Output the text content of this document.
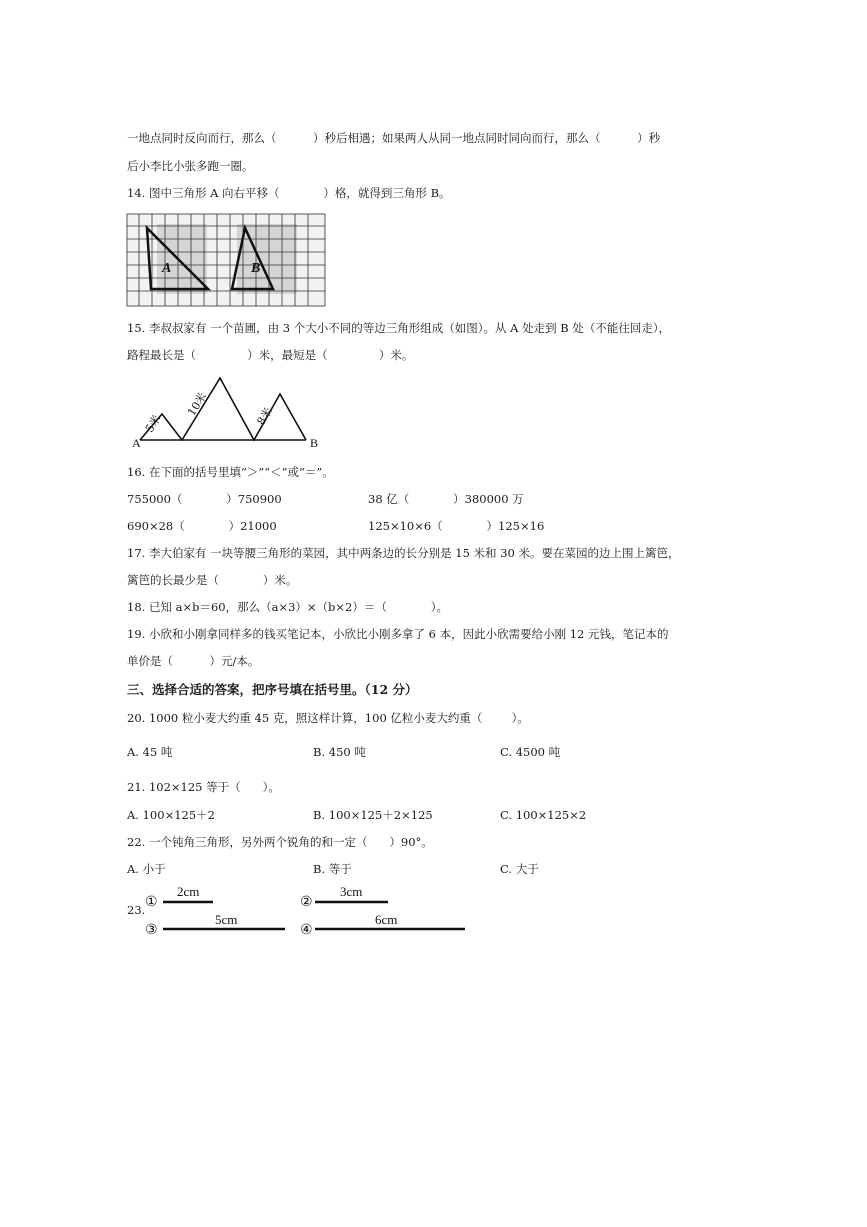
一地点同时反向而行，那么（          ）秒后相遇；如果两人从同一地点同时同向而行，那么（          ）秒
后小李比小张多跑一圈。
14. 图中三角形 A 向右平移（            ）格，就得到三角形 B。
A	B
15. 李叔叔家有 一个苗圃，由 3 个大小不同的等边三角形组成（如图）。从 A 处走到 B 处（不能往回走），
路程最长是（              ）米，最短是（              ）米。
A	B
5米
10米	8米
16. 在下面的括号里填“＞”“＜”或“＝”。
755000（            ）750900	38 亿（            ）380000 万
690×28（            ）21000	125×10×6（            ）125×16
17. 李大伯家有 一块等腰三角形的菜园，其中两条边的长分别是 15 米和 30 米。要在菜园的边上围上篱笆，
篱笆的长最少是（            ）米。
18. 已知 a×b＝60，那么（a×3）×（b×2）＝（            ）。
19. 小欣和小刚拿同样多的钱买笔记本，小欣比小刚多拿了 6 本，因此小欣需要给小刚 12 元钱，笔记本的
单价是（          ）元/本。
三、选择合适的答案，把序号填在括号里。（12 分）
20. 1000 粒小麦大约重 45 克，照这样计算，100 亿粒小麦大约重（        ）。
A. 45 吨	B. 450 吨	C. 4500 吨
21. 102×125 等于（      ）。
A. 100×125＋2	B. 100×125＋2×125	C. 100×125×2
22. 一个钝角三角形，另外两个锐角的和一定（      ）90°。
A. 小于	B. 等于	C. 大于
23. ①
2cm
②
3cm
③
5cm
④
6cm
